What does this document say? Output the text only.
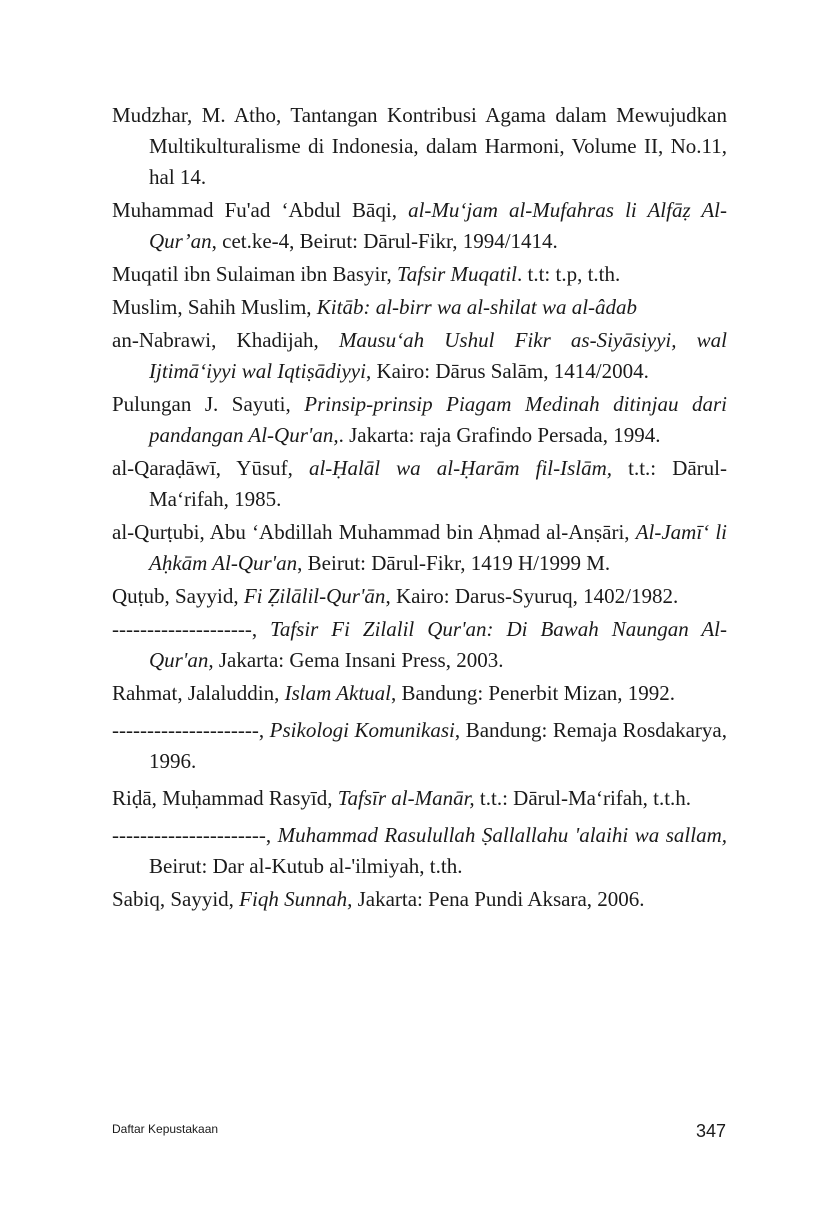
Mudzhar, M. Atho, Tantangan Kontribusi Agama dalam Mewujudkan Multikulturalisme di Indonesia, dalam Harmoni, Volume II, No.11, hal 14.

Muhammad Fu'ad ‘Abdul Bāqi, al-Mu‘jam al-Mufahras li Alfāẓ Al-Qur’an, cet.ke-4, Beirut: Dārul-Fikr, 1994/1414.

Muqatil ibn Sulaiman ibn Basyir, Tafsir Muqatil. t.t: t.p, t.th.

Muslim, Sahih Muslim, Kitāb: al-birr wa al-shilat wa al-âdab

an-Nabrawi, Khadijah, Mausu‘ah Ushul Fikr as-Siyāsiyyi, wal Ijtimā‘iyyi wal Iqtiṣādiyyi, Kairo: Dārus Salām, 1414/2004.

Pulungan J. Sayuti, Prinsip-prinsip Piagam Medinah ditinjau dari pandangan Al-Qur'an,. Jakarta: raja Grafindo Persada, 1994.

al-Qaraḍāwī, Yūsuf, al-Ḥalāl wa al-Ḥarām fil-Islām, t.t.: Dārul-Ma‘rifah, 1985.

al-Qurṭubi, Abu ‘Abdillah Muhammad bin Aḥmad al-Anṣāri, Al-Jamī‘ li Aḥkām Al-Qur'an, Beirut: Dārul-Fikr, 1419 H/1999 M.

Quṭub, Sayyid, Fi Ẓilālil-Qur'ān, Kairo: Darus-Syuruq, 1402/1982.

--------------------, Tafsir Fi Zilalil Qur'an: Di Bawah Naungan Al-Qur'an, Jakarta: Gema Insani Press, 2003.

Rahmat, Jalaluddin, Islam Aktual, Bandung: Penerbit Mizan, 1992.

---------------------, Psikologi Komunikasi, Bandung: Remaja Rosdakarya, 1996.

Riḍā, Muḥammad Rasyīd, Tafsīr al-Manār, t.t.: Dārul-Ma‘rifah, t.t.h.

----------------------, Muhammad Rasulullah Ṣallallahu 'alaihi wa sallam, Beirut: Dar al-Kutub al-'ilmiyah, t.th.

Sabiq, Sayyid, Fiqh Sunnah, Jakarta: Pena Pundi Aksara, 2006.

Daftar Kepustakaan	347
